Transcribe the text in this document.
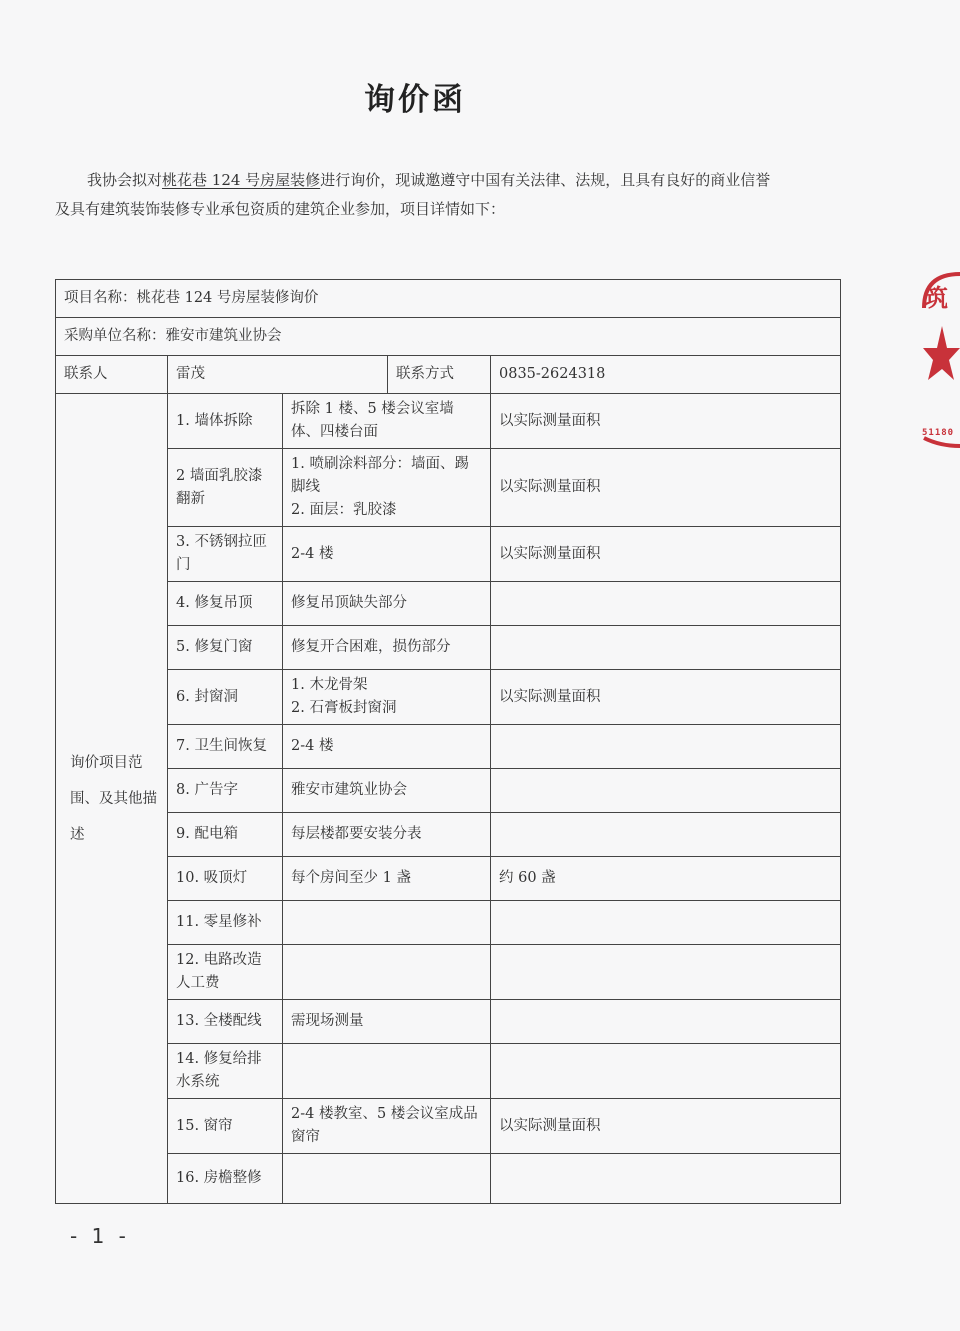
询价函

我协会拟对桃花巷 124 号房屋装修进行询价，现诚邀遵守中国有关法律、法规，且具有良好的商业信誉

及具有建筑装饰装修专业承包资质的建筑企业参加，项目详情如下：

项目名称：桃花巷 124 号房屋装修询价				
采购单位名称：雅安市建筑业协会				
联系人	雷茂		联系方式	0835-2624318
询价项目范围、及其他描述	1. 墙体拆除	拆除 1 楼、5 楼会议室墙体、四楼台面		以实际测量面积
	2 墙面乳胶漆翻新	1. 喷刷涂料部分：墙面、踢脚线
2. 面层：乳胶漆		以实际测量面积
	3. 不锈钢拉匝门	2-4 楼		以实际测量面积
	4. 修复吊顶	修复吊顶缺失部分		
	5. 修复门窗	修复开合困难，损伤部分		
	6. 封窗洞	1. 木龙骨架
2. 石膏板封窗洞		以实际测量面积
	7. 卫生间恢复	2-4 楼		
	8. 广告字	雅安市建筑业协会		
	9. 配电箱	每层楼都要安装分表		
	10. 吸顶灯	每个房间至少 1 盏		约 60 盏
	11. 零星修补			
	12. 电路改造人工费			
	13. 全楼配线	需现场测量		
	14. 修复给排水系统			
	15. 窗帘	2-4 楼教室、5 楼会议室成品窗帘		以实际测量面积
	16. 房檐整修			
筑
51180
- 1 -
